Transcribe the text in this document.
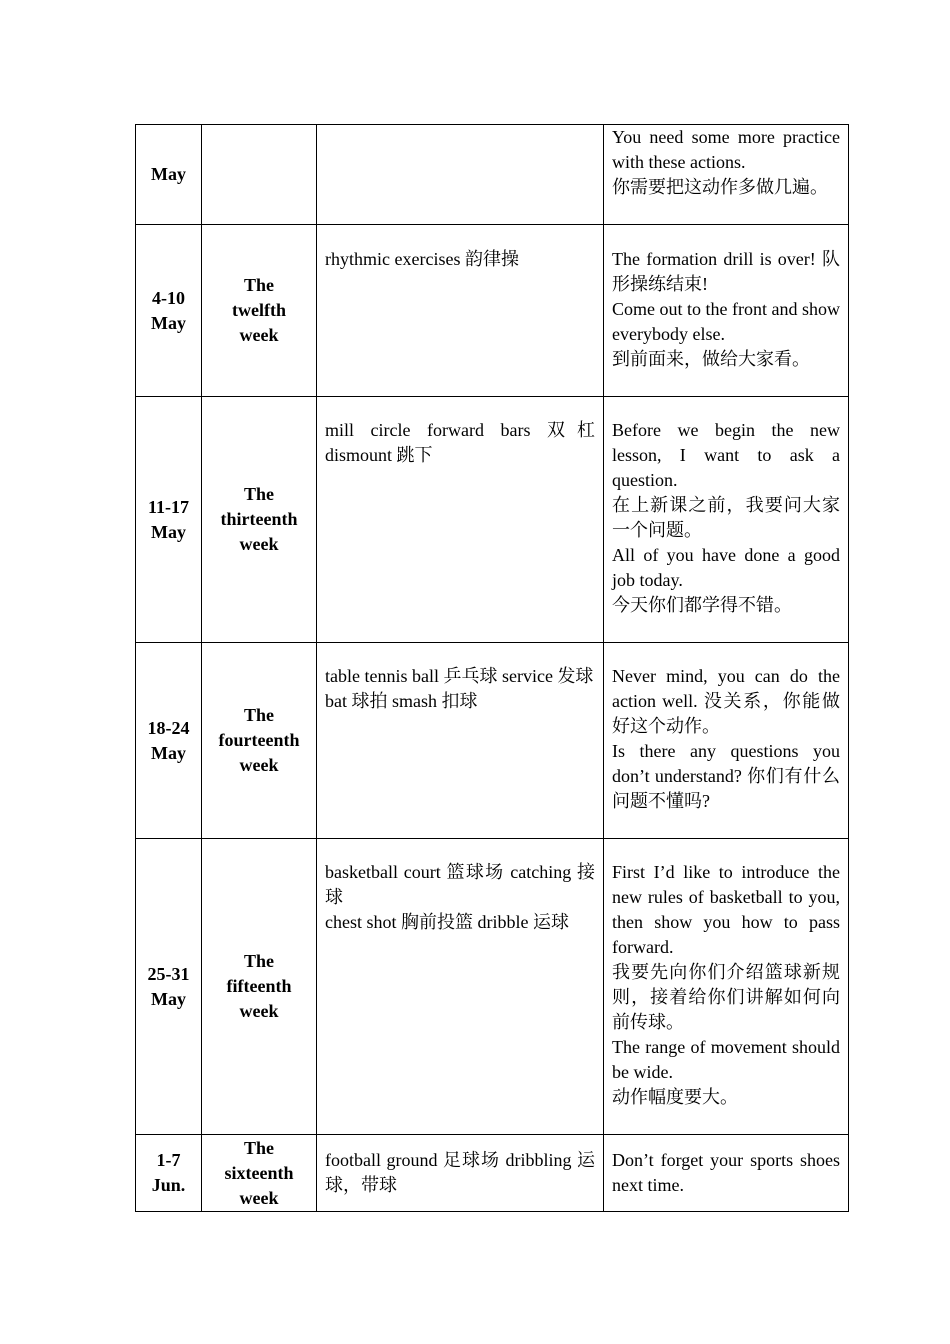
May			You need some more practice with these actions.
你需要把这动作多做几遍。

4-10 May	The twelfth week	rhythmic exercises 韵律操	The formation drill is over! 队形操练结束!
Come out to the front and show everybody else.
到前面来，做给大家看。

11-17 May	The thirteenth week	mill circle forward bars 双杠 dismount 跳下	Before we begin the new lesson, I want to ask a question.
在上新课之前，我要问大家一个问题。
All of you have done a good job today.
今天你们都学得不错。

18-24 May	The fourteenth week	table tennis ball 乒乓球 service 发球
bat 球拍 smash 扣球	Never mind, you can do the action well. 没关系，你能做好这个动作。
Is there any questions you don’t understand? 你们有什么问题不懂吗?

25-31 May	The fifteenth week	basketball court 篮球场 catching 接球
chest shot 胸前投篮 dribble 运球	First I’d like to introduce the new rules of basketball to you, then show you how to pass forward.
我要先向你们介绍篮球新规则，接着给你们讲解如何向前传球。
The range of movement should be wide.
动作幅度要大。

1-7 Jun.	The sixteenth week	football ground 足球场 dribbling 运球，带球	Don’t forget your sports shoes next time.
